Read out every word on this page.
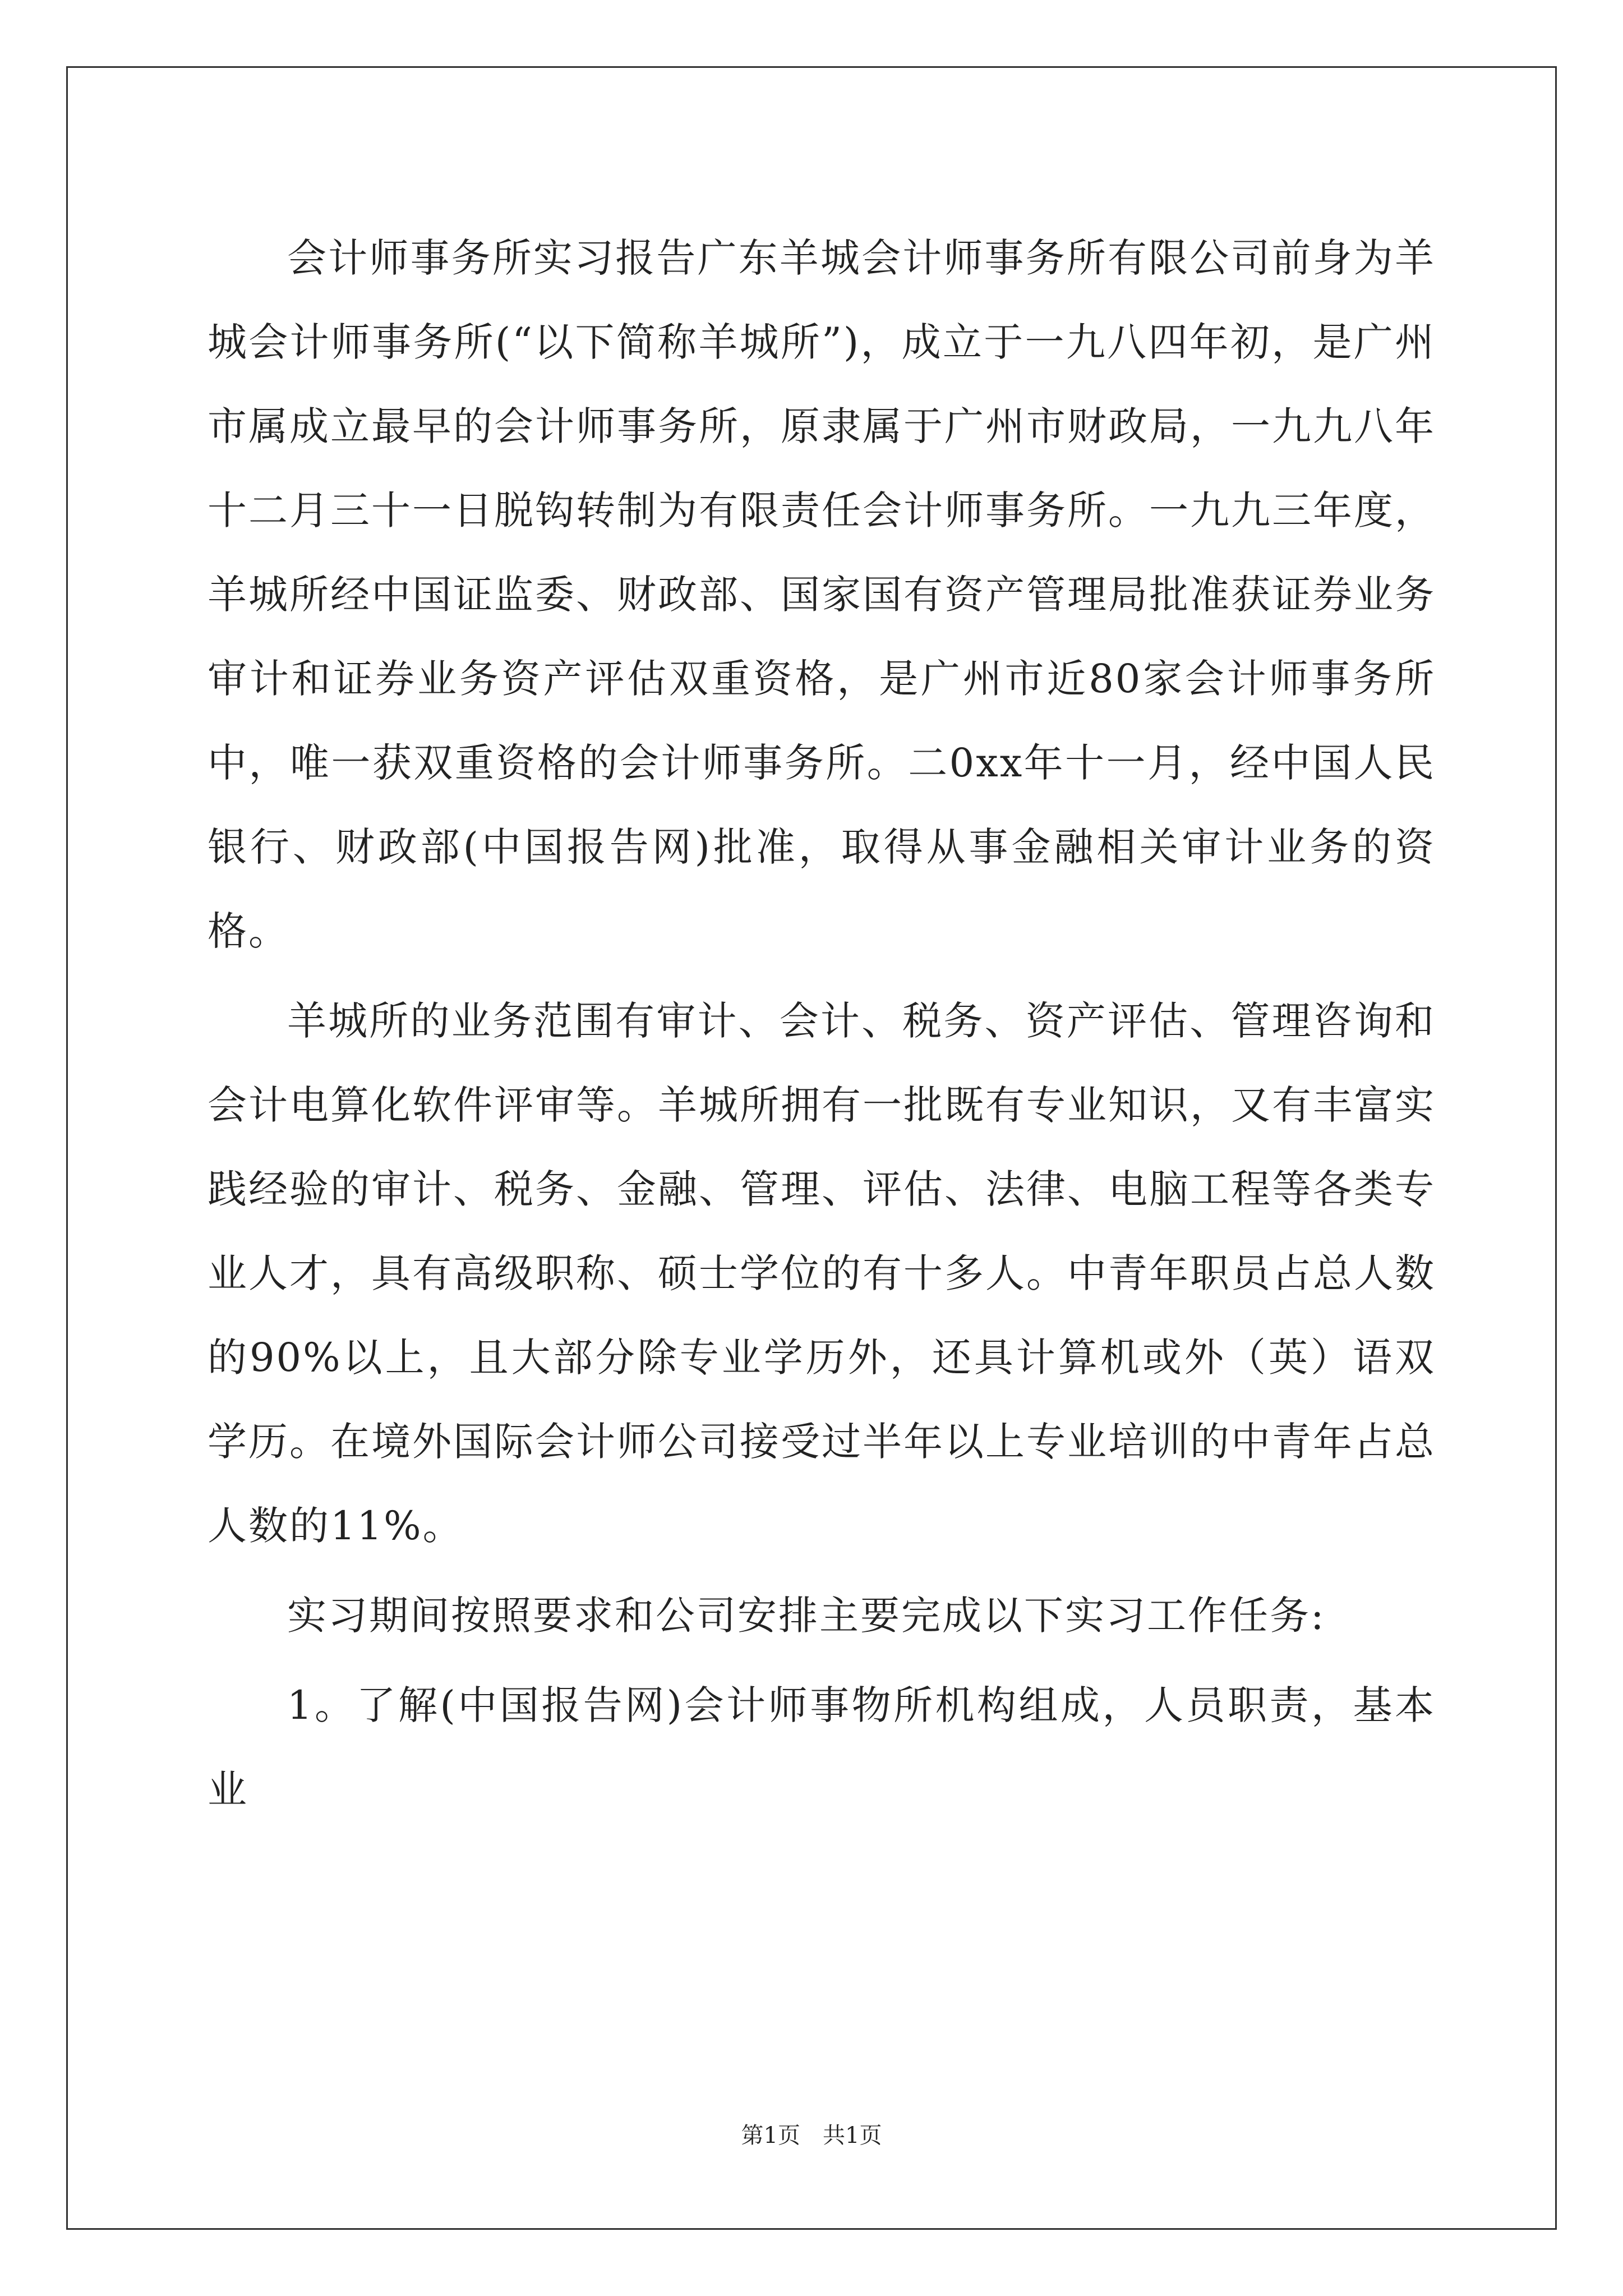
会计师事务所实习报告广东羊城会计师事务所有限公司前身为羊城会计师事务所(“以下简称羊城所”)，成立于一九八四年初，是广州市属成立最早的会计师事务所，原隶属于广州市财政局，一九九八年十二月三十一日脱钩转制为有限责任会计师事务所。一九九三年度，羊城所经中国证监委、财政部、国家国有资产管理局批准获证券业务审计和证券业务资产评估双重资格，是广州市近80家会计师事务所中，唯一获双重资格的会计师事务所。二0xx年十一月，经中国人民银行、财政部(中国报告网)批准，取得从事金融相关审计业务的资格。

羊城所的业务范围有审计、会计、税务、资产评估、管理咨询和会计电算化软件评审等。羊城所拥有一批既有专业知识，又有丰富实践经验的审计、税务、金融、管理、评估、法律、电脑工程等各类专业人才，具有高级职称、硕士学位的有十多人。中青年职员占总人数的90%以上，且大部分除专业学历外，还具计算机或外（英）语双学历。在境外国际会计师公司接受过半年以上专业培训的中青年占总人数的11%。

实习期间按照要求和公司安排主要完成以下实习工作任务:

1。了解(中国报告网)会计师事物所机构组成，人员职责，基本业

第1页　共1页
